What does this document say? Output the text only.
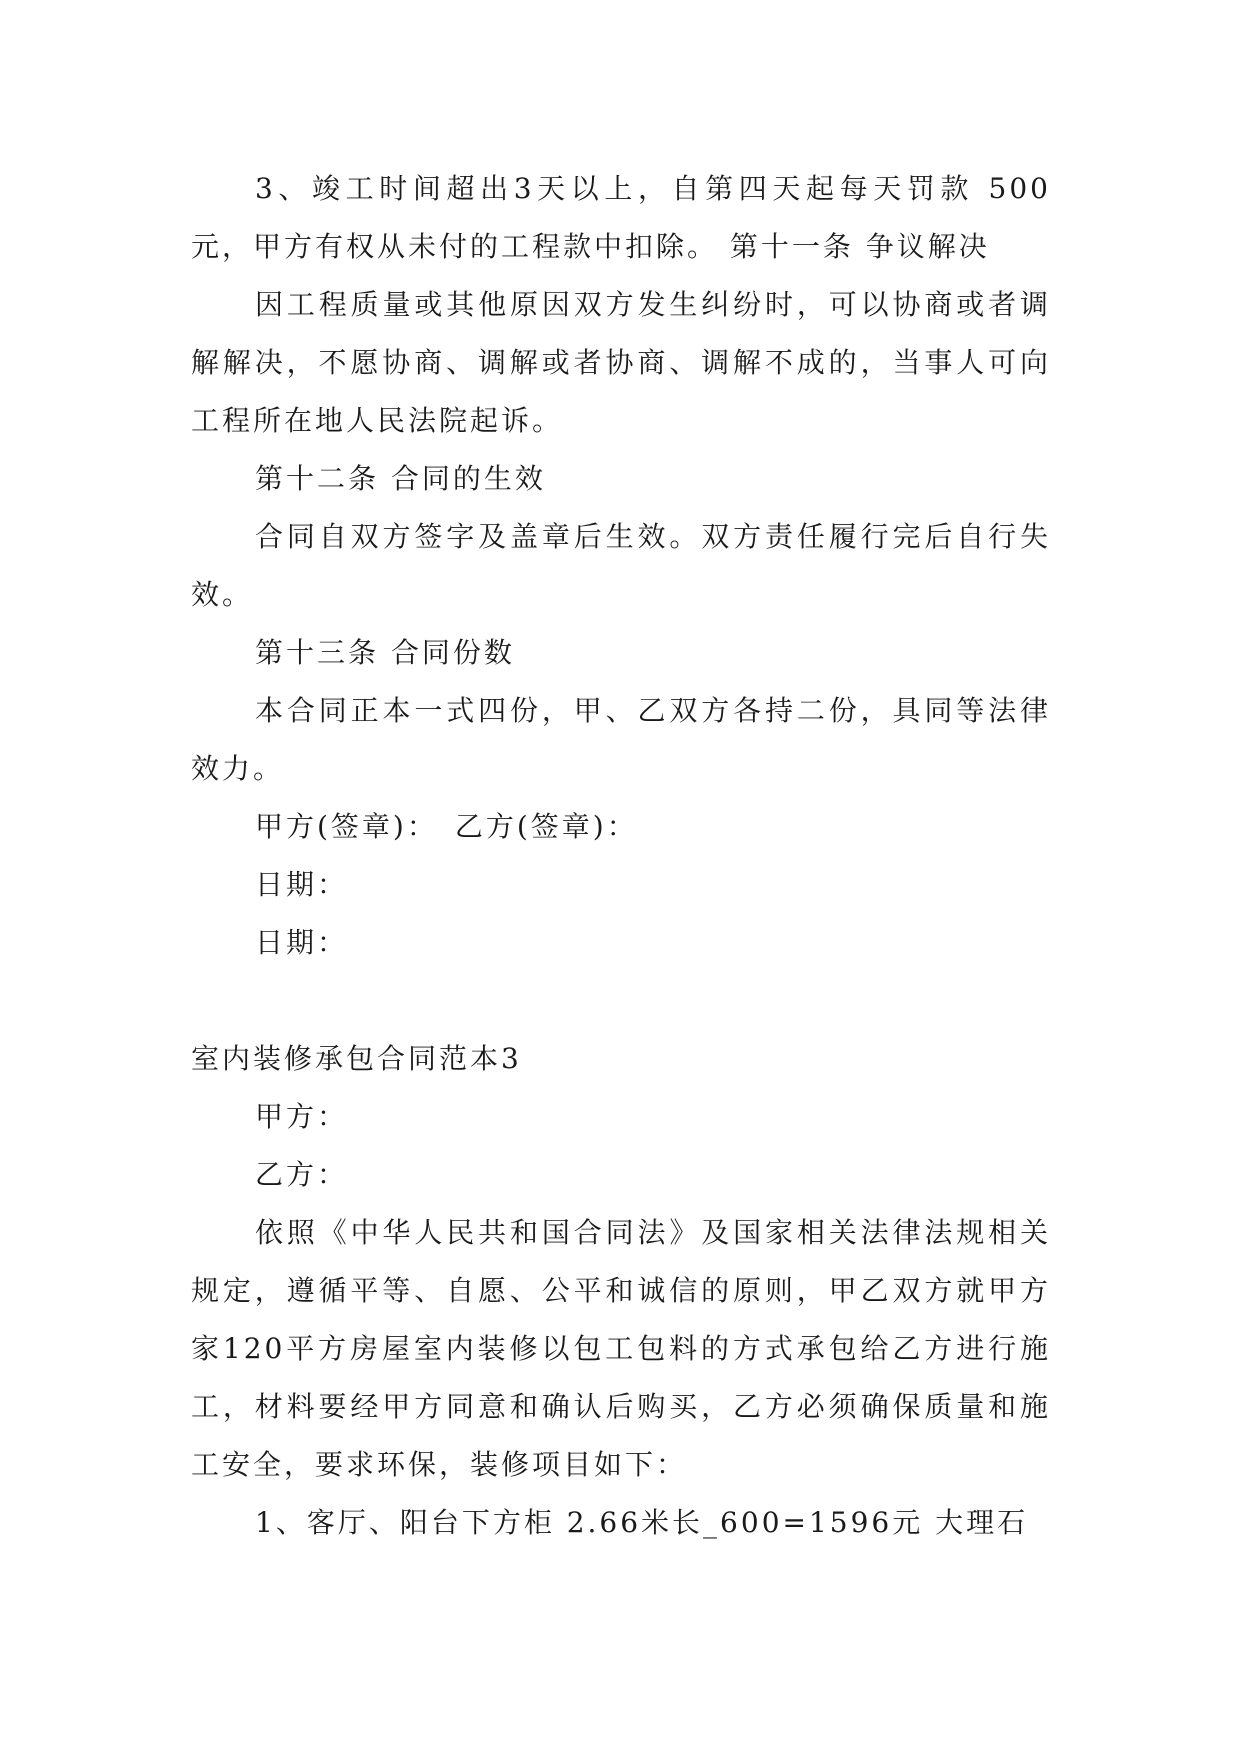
3、竣工时间超出3天以上，自第四天起每天罚款 500元，甲方有权从未付的工程款中扣除。 第十一条 争议解决

因工程质量或其他原因双方发生纠纷时，可以协商或者调解解决，不愿协商、调解或者协商、调解不成的，当事人可向工程所在地人民法院起诉。

第十二条 合同的生效

合同自双方签字及盖章后生效。双方责任履行完后自行失效。

第十三条 合同份数

本合同正本一式四份，甲、乙双方各持二份，具同等法律效力。

甲方(签章)：　乙方(签章)：

日期：

日期：

室内装修承包合同范本3

甲方：

乙方：

依照《中华人民共和国合同法》及国家相关法律法规相关规定，遵循平等、自愿、公平和诚信的原则，甲乙双方就甲方家120平方房屋室内装修以包工包料的方式承包给乙方进行施工，材料要经甲方同意和确认后购买，乙方必须确保质量和施工安全，要求环保，装修项目如下：

1、客厅、阳台下方柜 2.66米长_600=1596元 大理石
